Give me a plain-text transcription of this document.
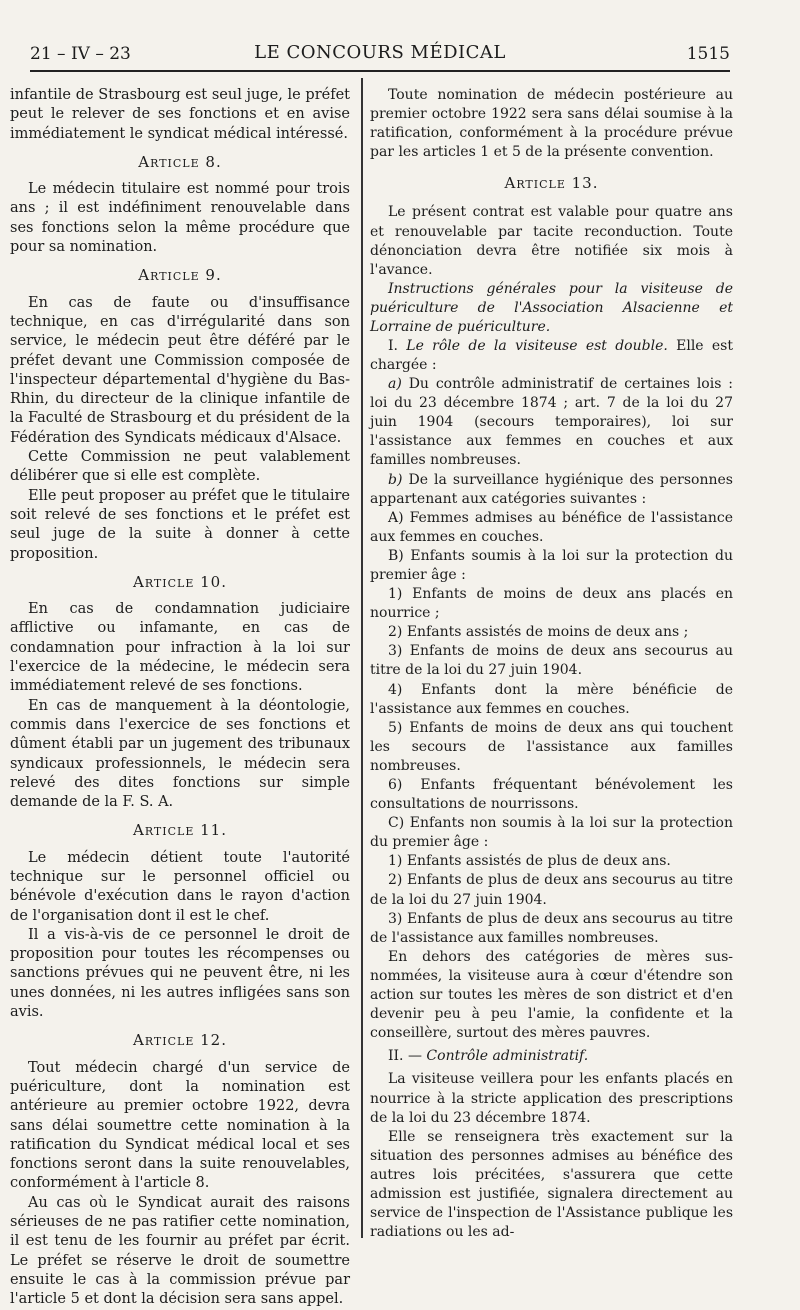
21 – IV – 23	LE CONCOURS MÉDICAL	1515

infantile de Strasbourg est seul juge, le préfet peut le relever de ses fonctions et en avise immédiatement le syndicat médical intéressé.

Article 8.

Le médecin titulaire est nommé pour trois ans ; il est indéfiniment renouvelable dans ses fonctions selon la même procédure que pour sa nomination.

Article 9.

En cas de faute ou d'insuffisance technique, en cas d'irrégularité dans son service, le médecin peut être déféré par le préfet devant une Commission composée de l'inspecteur départemental d'hygiène du Bas-Rhin, du directeur de la clinique infantile de la Faculté de Strasbourg et du président de la Fédération des Syndicats médicaux d'Alsace.

Cette Commission ne peut valablement délibérer que si elle est complète.

Elle peut proposer au préfet que le titulaire soit relevé de ses fonctions et le préfet est seul juge de la suite à donner à cette proposition.

Article 10.

En cas de condamnation judiciaire afflictive ou infamante, en cas de condamnation pour infraction à la loi sur l'exercice de la médecine, le médecin sera immédiatement relevé de ses fonctions.

En cas de manquement à la déontologie, commis dans l'exercice de ses fonctions et dûment établi par un jugement des tribunaux syndicaux professionnels, le médecin sera relevé des dites fonctions sur simple demande de la F. S. A.

Article 11.

Le médecin détient toute l'autorité technique sur le personnel officiel ou bénévole d'exécution dans le rayon d'action de l'organisation dont il est le chef.

Il a vis-à-vis de ce personnel le droit de proposition pour toutes les récompenses ou sanctions prévues qui ne peuvent être, ni les unes données, ni les autres infligées sans son avis.

Article 12.

Tout médecin chargé d'un service de puériculture, dont la nomination est antérieure au premier octobre 1922, devra sans délai soumettre cette nomination à la ratification du Syndicat médical local et ses fonctions seront dans la suite renouvelables, conformément à l'article 8.

Au cas où le Syndicat aurait des raisons sérieuses de ne pas ratifier cette nomination, il est tenu de les fournir au préfet par écrit. Le préfet se réserve le droit de soumettre ensuite le cas à la commission prévue par l'article 5 et dont la décision sera sans appel.

Toute nomination de médecin postérieure au premier octobre 1922 sera sans délai soumise à la ratification, conformément à la procédure prévue par les articles 1 et 5 de la présente convention.

Article 13.

Le présent contrat est valable pour quatre ans et renouvelable par tacite reconduction. Toute dénonciation devra être notifiée six mois à l'avance.

Instructions générales pour la visiteuse de puériculture de l'Association Alsacienne et Lorraine de puériculture.

I. Le rôle de la visiteuse est double. Elle est chargée :

a) Du contrôle administratif de certaines lois : loi du 23 décembre 1874 ; art. 7 de la loi du 27 juin 1904 (secours temporaires), loi sur l'assistance aux femmes en couches et aux familles nombreuses.

b) De la surveillance hygiénique des personnes appartenant aux catégories suivantes :

A) Femmes admises au bénéfice de l'assistance aux femmes en couches.

B) Enfants soumis à la loi sur la protection du premier âge :

1) Enfants de moins de deux ans placés en nourrice ;

2) Enfants assistés de moins de deux ans ;

3) Enfants de moins de deux ans secourus au titre de la loi du 27 juin 1904.

4) Enfants dont la mère bénéficie de l'assistance aux femmes en couches.

5) Enfants de moins de deux ans qui touchent les secours de l'assistance aux familles nombreuses.

6) Enfants fréquentant bénévolement les consultations de nourrissons.

C) Enfants non soumis à la loi sur la protection du premier âge :

1) Enfants assistés de plus de deux ans.

2) Enfants de plus de deux ans secourus au titre de la loi du 27 juin 1904.

3) Enfants de plus de deux ans secourus au titre de l'assistance aux familles nombreuses.

En dehors des catégories de mères sus-nommées, la visiteuse aura à cœur d'étendre son action sur toutes les mères de son district et d'en devenir peu à peu l'amie, la confidente et la conseillère, surtout des mères pauvres.

II. — Contrôle administratif.

La visiteuse veillera pour les enfants placés en nourrice à la stricte application des prescriptions de la loi du 23 décembre 1874.

Elle se renseignera très exactement sur la situation des personnes admises au bénéfice des autres lois précitées, s'assurera que cette admission est justifiée, signalera directement au service de l'inspection de l'Assistance publique les radiations ou les ad-
